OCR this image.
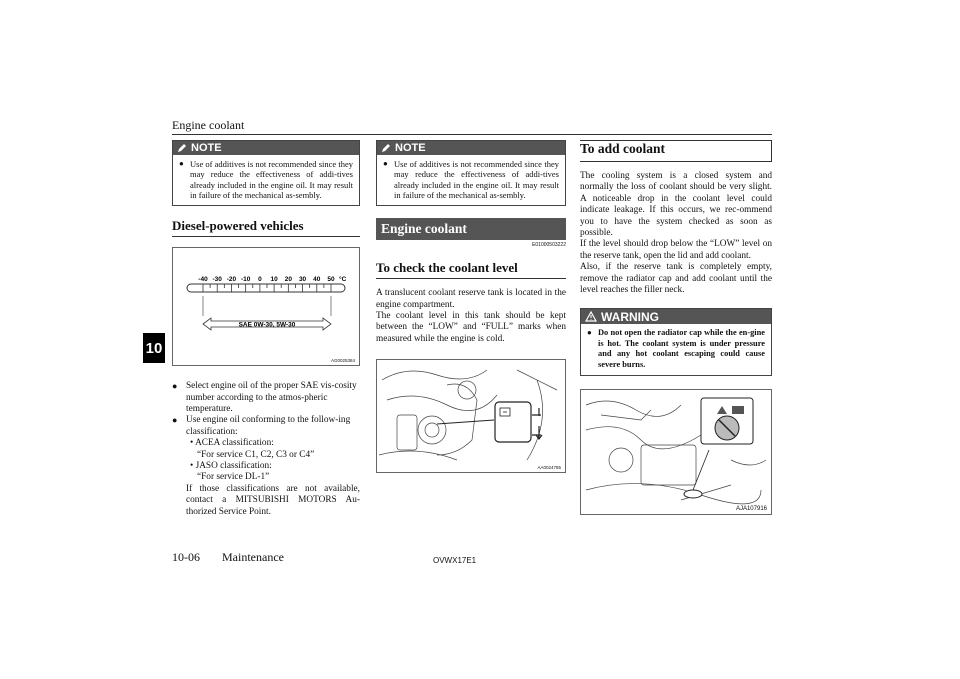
Engine coolant
10
NOTE
● Use of additives is not recommended since they may reduce the effectiveness of addi-tives already included in the engine oil. It may result in failure of the mechanical as-sembly.
Diesel-powered vehicles
-40 -30 -20 -10 0 10 20 30 40 50 °C
SAE 0W-30, 5W-30
AG0025384
● Select engine oil of the proper SAE vis-cosity number according to the atmos-pheric temperature.
● Use engine oil conforming to the follow-ing classification:
• ACEA classification:
“For service C1, C2, C3 or C4”
• JASO classification:
“For service DL-1”
If those classifications are not available, contact a MITSUBISHI MOTORS Au-thorized Service Point.
NOTE
● Use of additives is not recommended since they may reduce the effectiveness of addi-tives already included in the engine oil. It may result in failure of the mechanical as-sembly.
Engine coolant
E01000503222
To check the coolant level
A translucent coolant reserve tank is located in the engine compartment.
The coolant level in this tank should be kept between the “LOW” and “FULL” marks when measured while the engine is cold.
AA0024785
To add coolant
The cooling system is a closed system and normally the loss of coolant should be very slight. A noticeable drop in the coolant level could indicate leakage. If this occurs, we rec-ommend you to have the system checked as soon as possible.
If the level should drop below the “LOW” level on the reserve tank, open the lid and add coolant.
Also, if the reserve tank is completely empty, remove the radiator cap and add coolant until the level reaches the filler neck.
WARNING
● Do not open the radiator cap while the en-gine is hot. The coolant system is under pressure and any hot coolant escaping could cause severe burns.
AJA107916
10-06 Maintenance	OVWX17E1
